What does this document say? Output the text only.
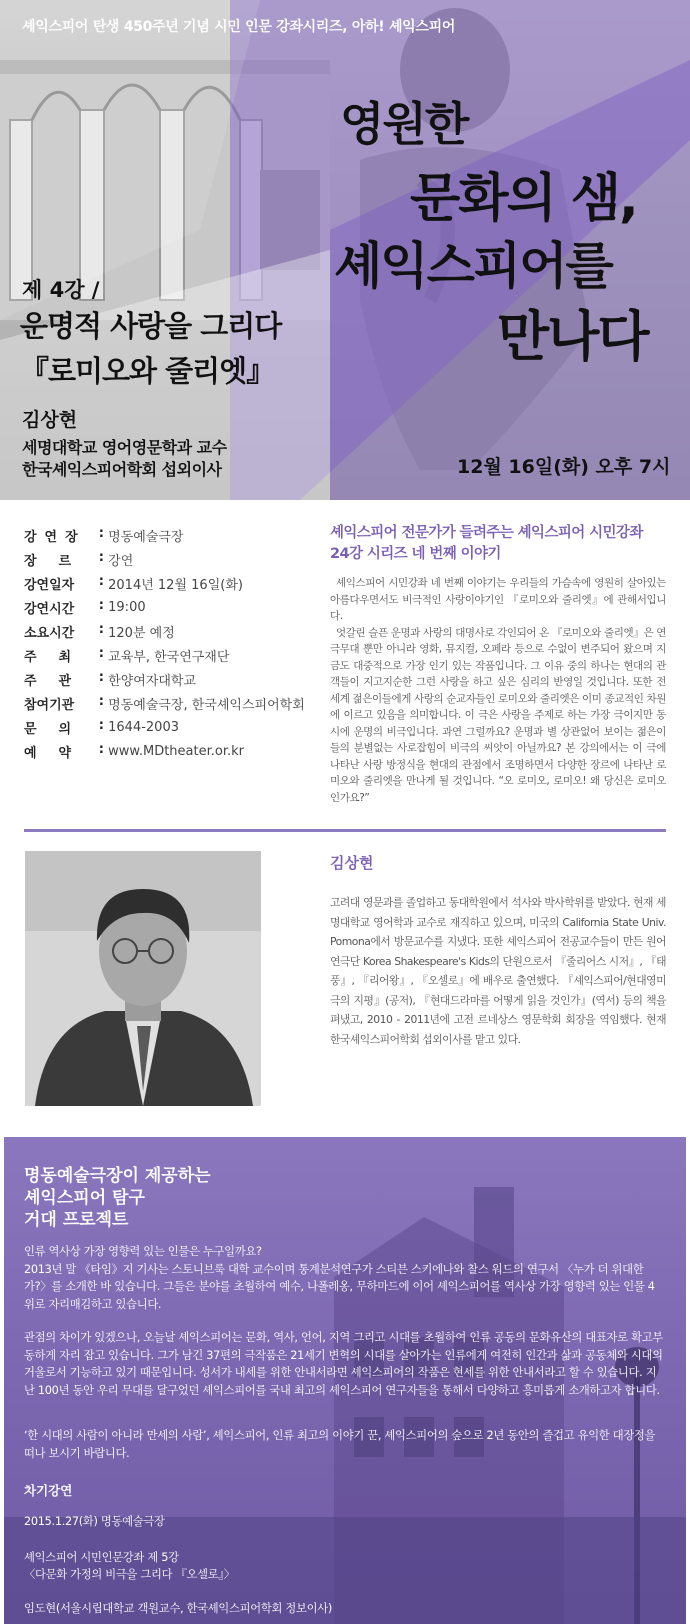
셰익스피어 탄생 450주년 기념 시민 인문 강좌시리즈, 아하! 셰익스피어
영원한
문화의 샘,
셰익스피어를
만나다
제 4강 /
운명적 사랑을 그리다
『로미오와 줄리엣』
김상현
세명대학교 영어영문학과 교수
한국셰익스피어학회 섭외이사	12월 16일(화) 오후 7시
강연장	:
명동예술극장
장르 :
강연
강연일자	:
2014년 12월 16일(화)
강연시간	:
19:00
소요시간	:
120분 예정
주최 :
교육부, 한국연구재단
주관 :
한양여자대학교
참여기관	:
명동예술극장, 한국셰익스피어학회
문의 :
1644-2003
예약 :
www.MDtheater.or.kr
셰익스피어 전문가가 들려주는 셰익스피어 시민강좌
24강 시리즈 네 번째 이야기

셰익스피어 시민강좌 네 번째 이야기는 우리들의 가슴속에 영원히 살아있는 아름다우면서도 비극적인 사랑이야기인 『로미오와 줄리엣』에 관해서입니다.

엇갈린 슬픈 운명과 사랑의 대명사로 각인되어 온 『로미오와 줄리엣』은 연극무대 뿐만 아니라 영화, 뮤지컬, 오페라 등으로 수없이 변주되어 왔으며 지금도 대중적으로 가장 인기 있는 작품입니다. 그 이유 중의 하나는 현대의 관객들이 지고지순한 그런 사랑을 하고 싶은 심리의 반영일 것입니다. 또한 전 세계 젊은이들에게 사랑의 순교자들인 로미오와 줄리엣은 이미 종교적인 차원에 이르고 있음을 의미합니다. 이 극은 사랑을 주제로 하는 가장 극이지만 동시에 운명의 비극입니다. 과연 그럴까요? 운명과 별 상관없어 보이는 젊은이들의 분별없는 사로잡힘이 비극의 씨앗이 아닐까요? 본 강의에서는 이 극에 나타난 사랑 방정식을 현대의 관점에서 조명하면서 다양한 장르에 나타난 로미오와 줄리엣을 만나게 될 것입니다. “오 로미오, 로미오! 왜 당신은 로미오인가요?”

김상현
고려대 영문과를 졸업하고 동대학원에서 석사와 박사학위를 받았다. 현재 세명대학교 영어학과 교수로 재직하고 있으며, 미국의 California State Univ. Pomona에서 방문교수를 지냈다. 또한 셰익스피어 전공교수들이 만든 원어연극단 Korea Shakespeare's Kids의 단원으로서 『줄리어스 시저』, 『태풍』, 『리어왕』, 『오셀로』에 배우로 출연했다. 『셰익스피어/현대영미극의 지평』(공저), 『현대드라마를 어떻게 읽을 것인가』(역서) 등의 책을 펴냈고, 2010 - 2011년에 고전 르네상스 영문학회 회장을 역임했다. 현재 한국셰익스피어학회 섭외이사를 맡고 있다.
명동예술극장이 제공하는
셰익스피어 탐구
거대 프로젝트
인류 역사상 가장 영향력 있는 인물은 누구일까요?
2013년 말 《타임》지 기사는 스토니브룩 대학 교수이며 통계분석연구가 스티븐 스키에나와 찰스 워드의 연구서 〈누가 더 위대한가?〉를 소개한 바 있습니다. 그들은 분야를 초월하여 예수, 나폴레옹, 무하마드에 이어 셰익스피어를 역사상 가장 영향력 있는 인물 4위로 자리매김하고 있습니다.
관점의 차이가 있겠으나, 오늘날 셰익스피어는 문화, 역사, 언어, 지역 그리고 시대를 초월하여 인류 공동의 문화유산의 대표자로 확고부동하게 자리 잡고 있습니다. 그가 남긴 37편의 극작품은 21세기 변혁의 시대를 살아가는 인류에게 여전히 인간과 삶과 공동체와 시대의 거울로서 기능하고 있기 때문입니다. 성서가 내세를 위한 안내서라면 셰익스피어의 작품은 현세를 위한 안내서라고 할 수 있습니다. 지난 100년 동안 우리 무대를 달구었던 셰익스피어를 국내 최고의 셰익스피어 연구자들을 통해서 다양하고 흥미롭게 소개하고자 합니다.
‘한 시대의 사람이 아니라 만세의 사람’, 셰익스피어, 인류 최고의 이야기 꾼, 셰익스피어의 숲으로 2년 동안의 즐겁고 유익한 대장정을 떠나 보시기 바랍니다.
차기강연
2015.1.27(화) 명동예술극장
셰익스피어 시민인문강좌 제 5강
〈다문화 가정의 비극을 그리다 『오셀로』〉
임도현(서울시립대학교 객원교수, 한국셰익스피어학회 정보이사)
